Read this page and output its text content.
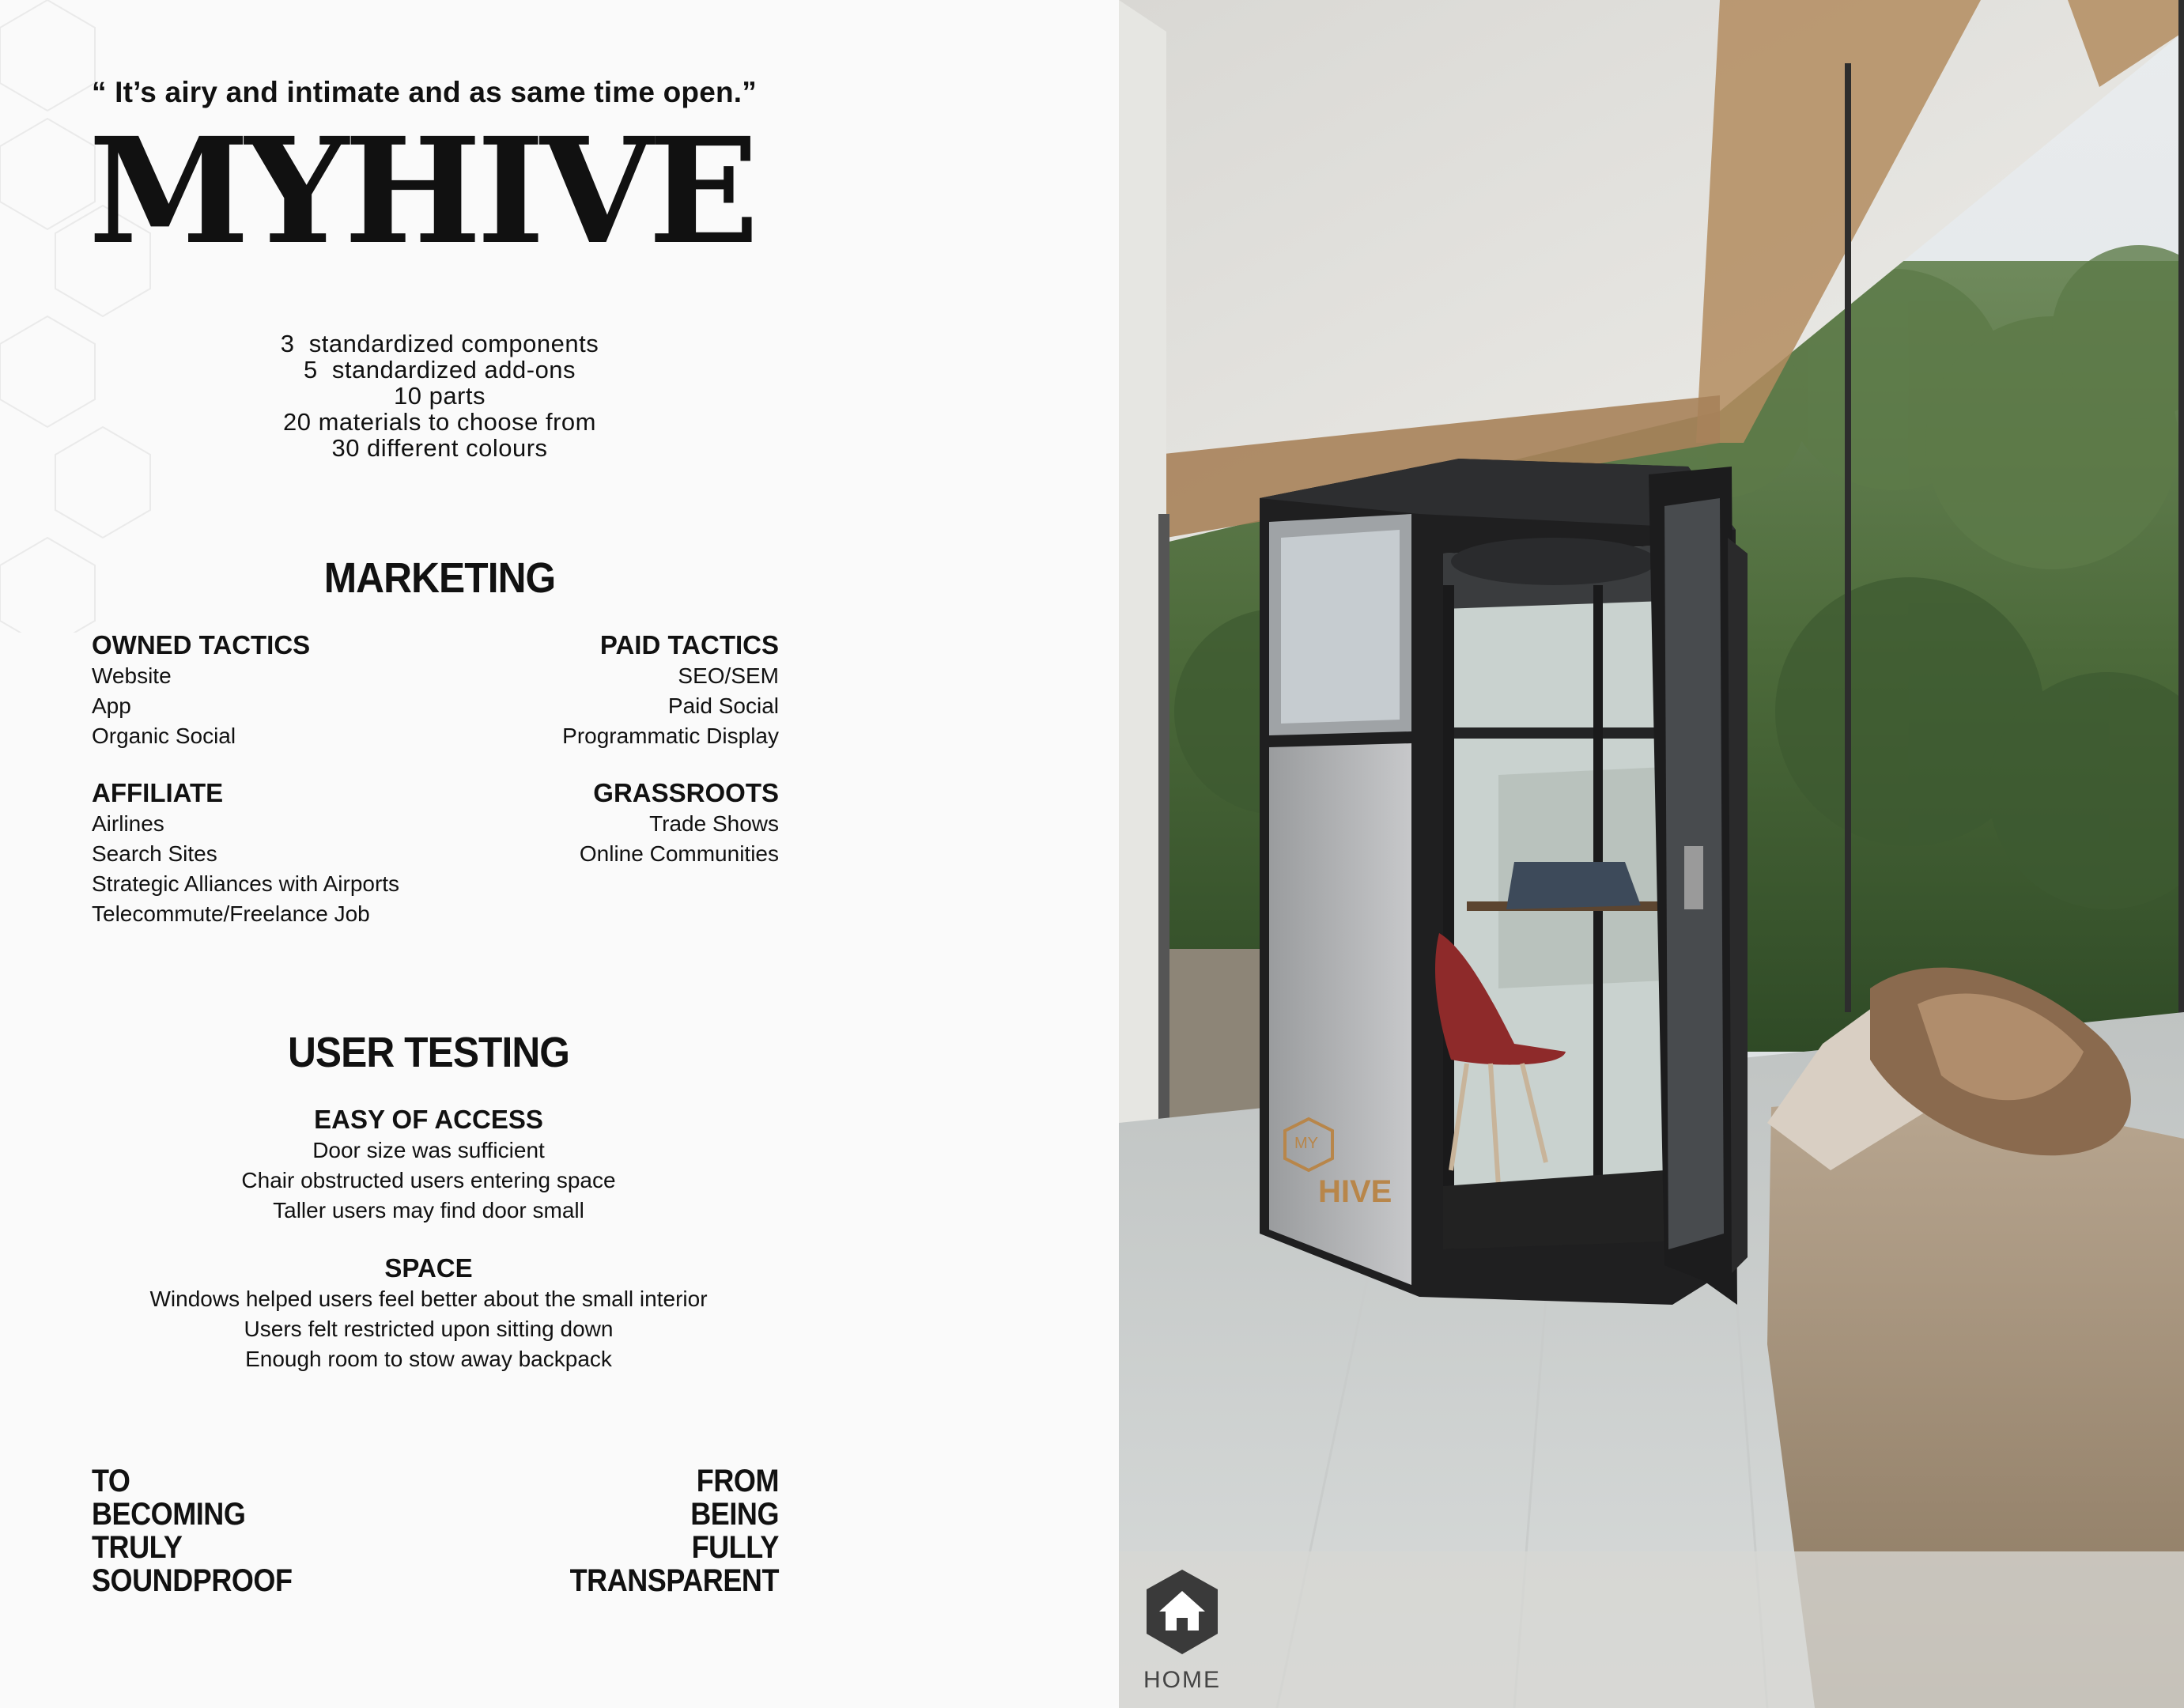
“ It’s airy and intimate and as same time open.”
MYHIVE
3  standardized components
5  standardized add-ons
10 parts
20 materials to choose from
30 different colours
MARKETING
OWNED TACTICS
Website
App
Organic Social
PAID TACTICS
SEO/SEM
Paid Social
Programmatic Display
AFFILIATE
Airlines
Search Sites
Strategic Alliances with Airports
Telecommute/Freelance Job
GRASSROOTS
Trade Shows
Online Communities
USER TESTING
EASY OF ACCESS
Door size was sufficient
Chair obstructed users entering space
Taller users may find door small
SPACE
Windows helped users feel better about the small interior
Users felt restricted upon sitting down
Enough room to stow away backpack
TO
BECOMING
TRULY
SOUNDPROOF
FROM
BEING
FULLY
TRANSPARENT
MY
HIVE
HOME
